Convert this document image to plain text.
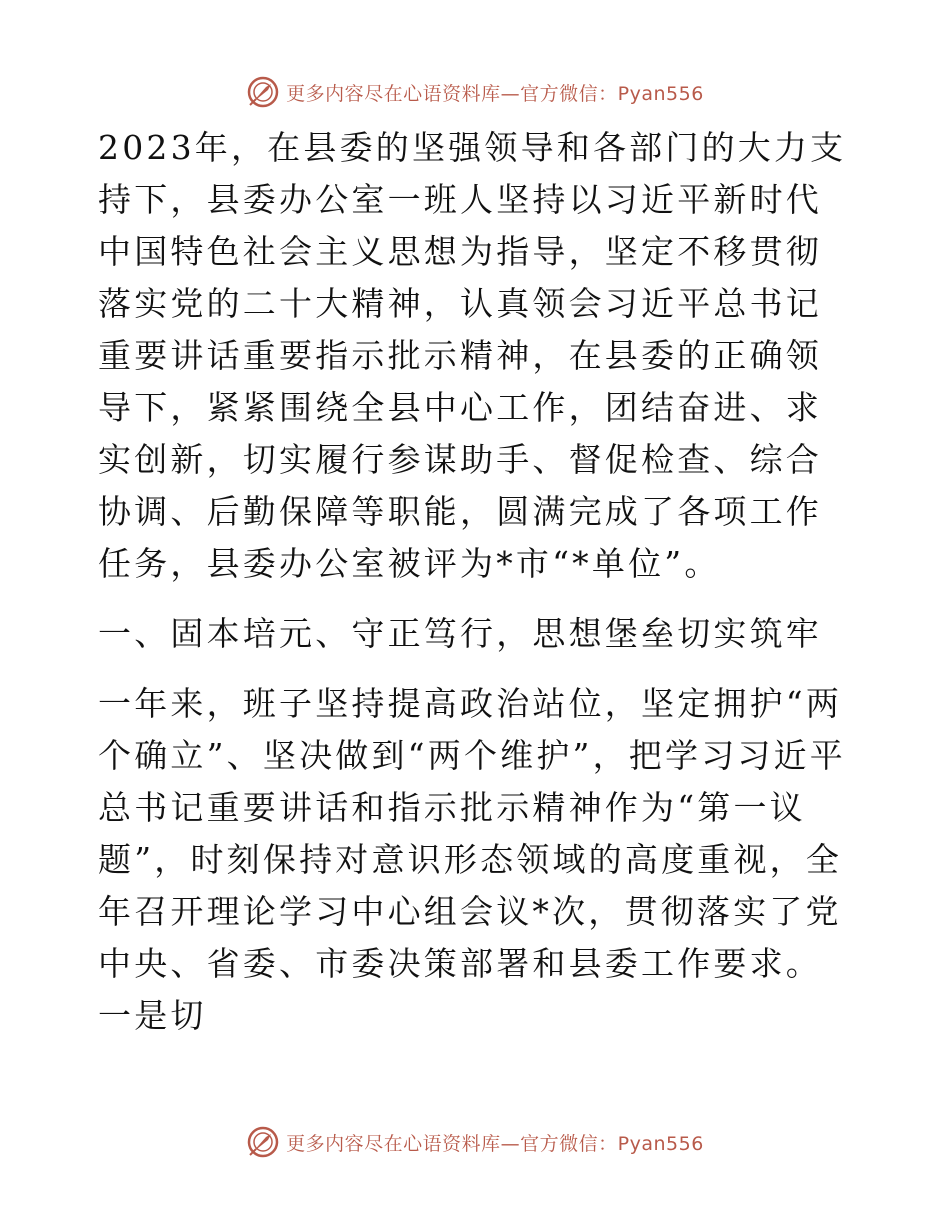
更多内容尽在心语资料库—官方微信：Pyan556

2023年，在县委的坚强领导和各部门的大力支持下，县委办公室一班人坚持以习近平新时代中国特色社会主义思想为指导，坚定不移贯彻落实党的二十大精神，认真领会习近平总书记重要讲话重要指示批示精神，在县委的正确领导下，紧紧围绕全县中心工作，团结奋进、求实创新，切实履行参谋助手、督促检查、综合协调、后勤保障等职能，圆满完成了各项工作任务，县委办公室被评为*市“*单位”。

一、固本培元、守正笃行，思想堡垒切实筑牢

一年来，班子坚持提高政治站位，坚定拥护“两个确立”、坚决做到“两个维护”，把学习习近平总书记重要讲话和指示批示精神作为“第一议题”，时刻保持对意识形态领域的高度重视，全年召开理论学习中心组会议*次，贯彻落实了党中央、省委、市委决策部署和县委工作要求。一是切

更多内容尽在心语资料库—官方微信：Pyan556
